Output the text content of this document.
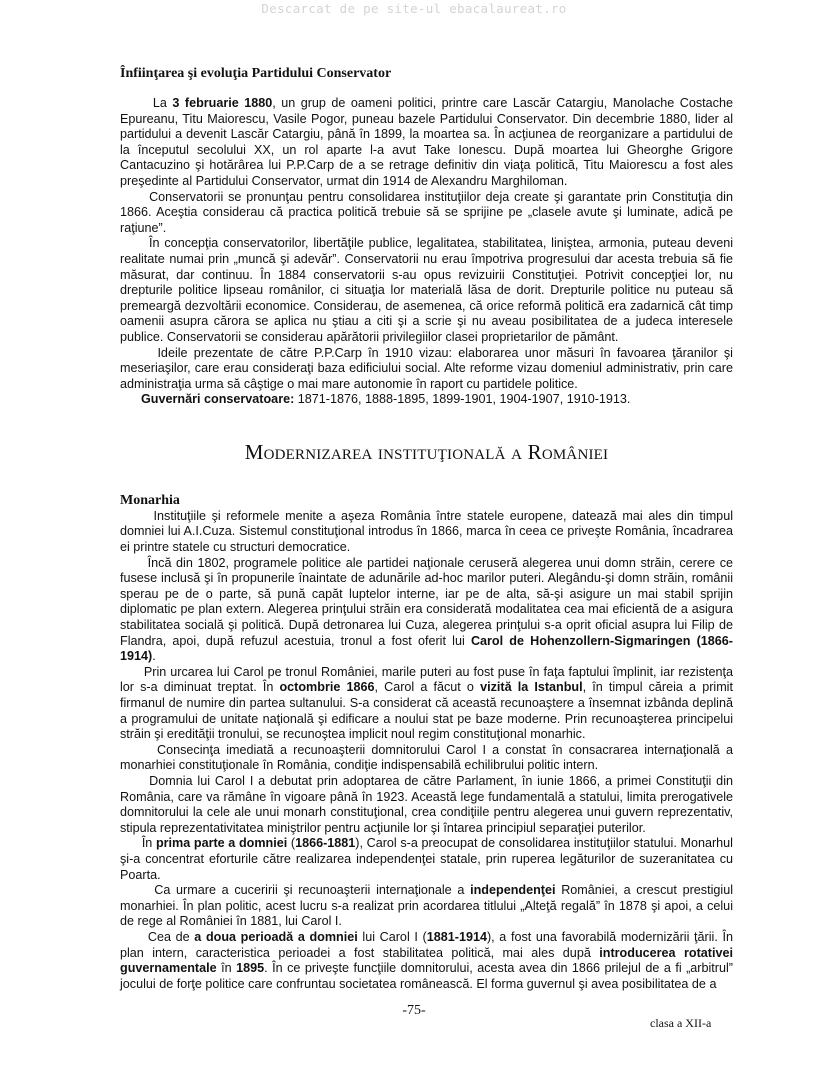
Descarcat de pe site-ul ebacalaureat.ro
Înfiinţarea şi evoluţia Partidului Conservator

La 3 februarie 1880, un grup de oameni politici, printre care Lascăr Catargiu, Manolache Costache Epureanu, Titu Maiorescu, Vasile Pogor, puneau bazele Partidului Conservator. Din decembrie 1880, lider al partidului a devenit Lascăr Catargiu, până în 1899, la moartea sa. În acţiunea de reorganizare a partidului de la începutul secolului XX, un rol aparte l-a avut Take Ionescu. După moartea lui Gheorghe Grigore Cantacuzino şi hotărârea lui P.P.Carp de a se retrage definitiv din viaţa politică, Titu Maiorescu a fost ales preşedinte al Partidului Conservator, urmat din 1914 de Alexandru Marghiloman.

Conservatorii se pronunţau pentru consolidarea instituţiilor deja create şi garantate prin Constituţia din 1866. Aceştia considerau că practica politică trebuie să se sprijine pe „clasele avute şi luminate, adică pe raţiune”.

În concepţia conservatorilor, libertăţile publice, legalitatea, stabilitatea, liniştea, armonia, puteau deveni realitate numai prin „muncă şi adevăr”. Conservatorii nu erau împotriva progresului dar acesta trebuia să fie măsurat, dar continuu. În 1884 conservatorii s-au opus revizuirii Constituţiei. Potrivit concepţiei lor, nu drepturile politice lipseau românilor, ci situaţia lor materială lăsa de dorit. Drepturile politice nu puteau să premeargă dezvoltării economice. Considerau, de asemenea, că orice reformă politică era zadarnică cât timp oamenii asupra cărora se aplica nu ştiau a citi şi a scrie şi nu aveau posibilitatea de a judeca interesele publice. Conservatorii se considerau apărătorii privilegiilor clasei proprietarilor de pământ.

Ideile prezentate de către P.P.Carp în 1910 vizau: elaborarea unor măsuri în favoarea ţăranilor şi meseriaşilor, care erau consideraţi baza edificiului social. Alte reforme vizau domeniul administrativ, prin care administraţia urma să câştige o mai mare autonomie în raport cu partidele politice.

Guvernări conservatoare: 1871-1876, 1888-1895, 1899-1901, 1904-1907, 1910-1913.

Modernizarea instituţională a României
Monarhia

Instituţiile şi reformele menite a aşeza România între statele europene, datează mai ales din timpul domniei lui A.I.Cuza. Sistemul constituţional introdus în 1866, marca în ceea ce priveşte România, încadrarea ei printre statele cu structuri democratice.

Încă din 1802, programele politice ale partidei naţionale ceruseră alegerea unui domn străin, cerere ce fusese inclusă şi în propunerile înaintate de adunările ad-hoc marilor puteri. Alegându-şi domn străin, românii sperau pe de o parte, să pună capăt luptelor interne, iar pe de alta, să-şi asigure un mai stabil sprijin diplomatic pe plan extern. Alegerea prinţului străin era considerată modalitatea cea mai eficientă de a asigura stabilitatea socială şi politică. După detronarea lui Cuza, alegerea prinţului s-a oprit oficial asupra lui Filip de Flandra, apoi, după refuzul acestuia, tronul a fost oferit lui Carol de Hohenzollern-Sigmaringen (1866-1914).

Prin urcarea lui Carol pe tronul României, marile puteri au fost puse în faţa faptului împlinit, iar rezistenţa lor s-a diminuat treptat. În octombrie 1866, Carol a făcut o vizită la Istanbul, în timpul căreia a primit firmanul de numire din partea sultanului. S-a considerat că această recunoaştere a însemnat izbânda deplină a programului de unitate naţională şi edificare a noului stat pe baze moderne. Prin recunoaşterea principelui străin şi eredităţii tronului, se recunoştea implicit noul regim constituţional monarhic.

Consecinţa imediată a recunoaşterii domnitorului Carol I a constat în consacrarea internaţională a monarhiei constituţionale în România, condiţie indispensabilă echilibrului politic intern.

Domnia lui Carol I a debutat prin adoptarea de către Parlament, în iunie 1866, a primei Constituţii din România, care va rămâne în vigoare până în 1923. Această lege fundamentală a statului, limita prerogativele domnitorului la cele ale unui monarh constituţional, crea condiţiile pentru alegerea unui guvern reprezentativ, stipula reprezentativitatea miniştrilor pentru acţiunile lor şi întarea principiul separaţiei puterilor.

În prima parte a domniei (1866-1881), Carol s-a preocupat de consolidarea instituţiilor statului. Monarhul şi-a concentrat eforturile către realizarea independenţei statale, prin ruperea legăturilor de suzeranitatea cu Poarta.

Ca urmare a cuceririi şi recunoaşterii internaţionale a independenţei României, a crescut prestigiul monarhiei. În plan politic, acest lucru s-a realizat prin acordarea titlului „Alteţă regală” în 1878 şi apoi, a celui de rege al României în 1881, lui Carol I.

Cea de a doua perioadă a domniei lui Carol I (1881-1914), a fost una favorabilă modernizării ţării. În plan intern, caracteristica perioadei a fost stabilitatea politică, mai ales după introducerea rotativei guvernamentale în 1895. În ce priveşte funcţiile domnitorului, acesta avea din 1866 prilejul de a fi „arbitrul” jocului de forţe politice care confruntau societatea românească. El forma guvernul şi avea posibilitatea de a

-75-
clasa a XII-a
